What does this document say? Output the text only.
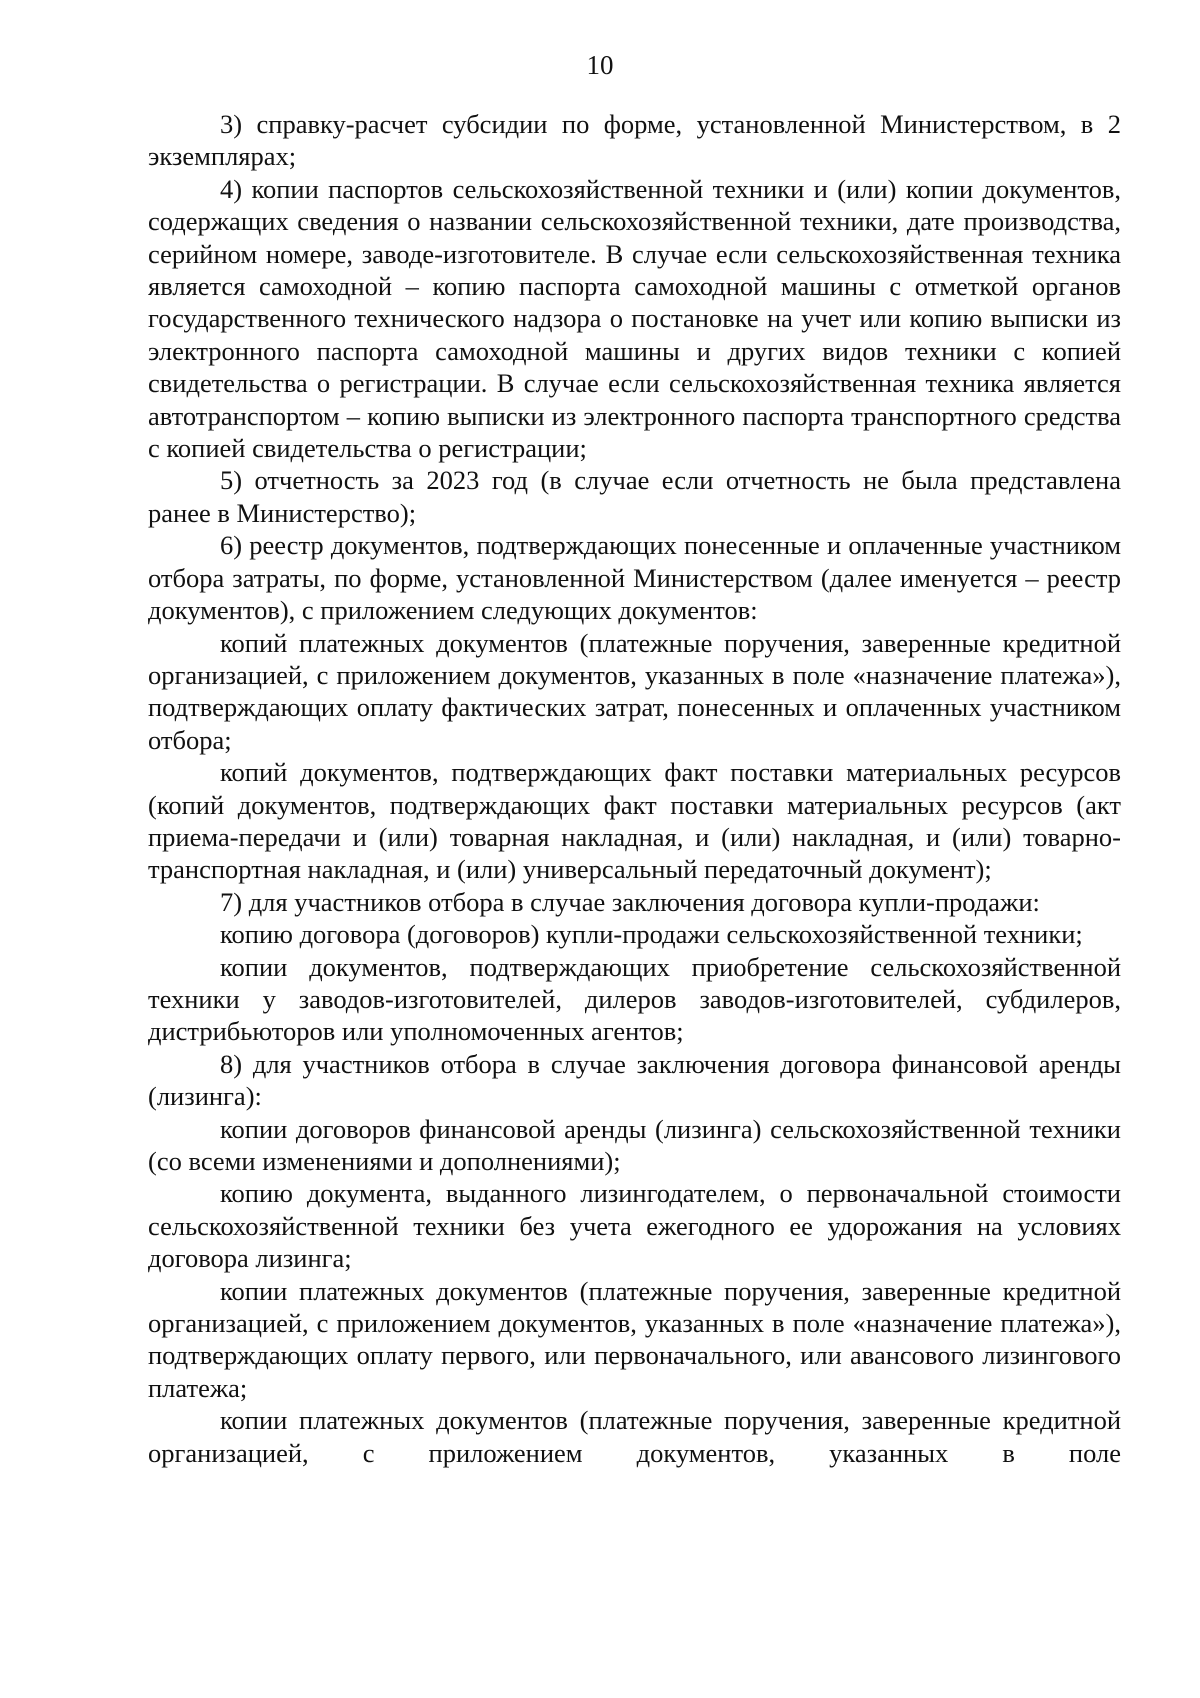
10

3) справку-расчет субсидии по форме, установленной Министерством, в 2 экземплярах;

4) копии паспортов сельскохозяйственной техники и (или) копии документов, содержащих сведения о названии сельскохозяйственной техники, дате производства, серийном номере, заводе-изготовителе. В случае если сельскохозяйственная техника является самоходной – копию паспорта самоходной машины с отметкой органов государственного технического надзора о постановке на учет или копию выписки из электронного паспорта самоходной машины и других видов техники с копией свидетельства о регистрации. В случае если сельскохозяйственная техника является автотранспортом – копию выписки из электронного паспорта транспортного средства с копией свидетельства о регистрации;

5) отчетность за 2023 год (в случае если отчетность не была представлена ранее в Министерство);

6) реестр документов, подтверждающих понесенные и оплаченные участником отбора затраты, по форме, установленной Министерством (далее именуется – реестр документов), с приложением следующих документов:

копий платежных документов (платежные поручения, заверенные кредитной организацией, с приложением документов, указанных в поле «назначение платежа»), подтверждающих оплату фактических затрат, понесенных и оплаченных участником отбора;

копий документов, подтверждающих факт поставки материальных ресурсов (копий документов, подтверждающих факт поставки материальных ресурсов (акт приема-передачи и (или) товарная накладная, и (или) накладная, и (или) товарно-транспортная накладная, и (или) универсальный передаточный документ);

7) для участников отбора в случае заключения договора купли-продажи:

копию договора (договоров) купли-продажи сельскохозяйственной техники;

копии документов, подтверждающих приобретение сельскохозяйственной техники у заводов-изготовителей, дилеров заводов-изготовителей, субдилеров, дистрибьюторов или уполномоченных агентов;

8) для участников отбора в случае заключения договора финансовой аренды (лизинга):

копии договоров финансовой аренды (лизинга) сельскохозяйственной техники (со всеми изменениями и дополнениями);

копию документа, выданного лизингодателем, о первоначальной стоимости сельскохозяйственной техники без учета ежегодного ее удорожания на условиях договора лизинга;

копии платежных документов (платежные поручения, заверенные кредитной организацией, с приложением документов, указанных в поле «назначение платежа»), подтверждающих оплату первого, или первоначального, или авансового лизингового платежа;

копии платежных документов (платежные поручения, заверенные кредитной организацией, с приложением документов, указанных в поле
